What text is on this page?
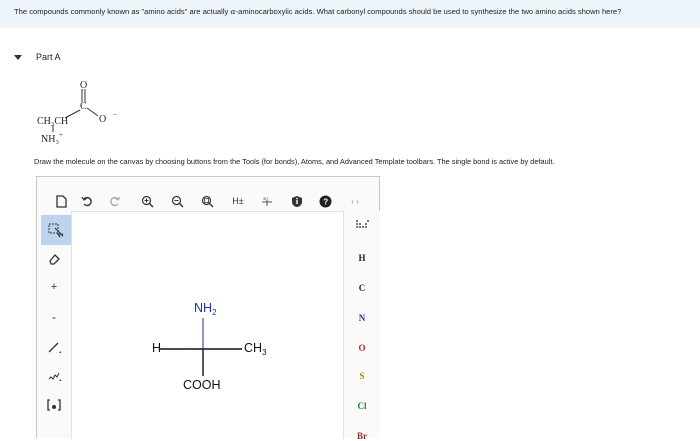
The compounds commonly known as "amino acids" are actually α-aminocarboxylic acids. What carbonyl compounds should be used to synthesize the two amino acids shown here?
Part A
O
C
O −
CH₃CH
NH₃ +
Draw the molecule on the canvas by choosing buttons from the Tools (for bonds), Atoms, and Advanced Template toolbars. The single bond is active by default.
H±	3D	?	‹ ›
+
-
H
C
N
O
S
Cl
Br
$NH_2$
H	$CH_3$
COOH
